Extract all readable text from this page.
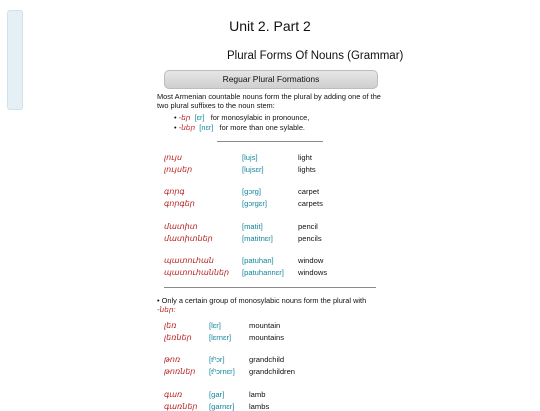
Unit 2. Part 2
Plural Forms Of Nouns (Grammar)
Reguar Plural Formations
Most Armenian countable nouns form the plural by adding one of the two plural suffixes to the noun stem:
• -եր [ɛr] for monosylabic in pronounce,
• -ներ [nɛr] for more than one sylable.
լույս	[lujs]	light
լույսեր	[lujsɛr]	lights
գորգ	[gɔrg]	carpet
գորգեր	[gɔrgɛr]	carpets
մատիտ	[matit]	pencil
մատիտներ	[matitnɛr]	pencils
պատուհան	[patuhan]	window
պատուհաններ [patuhannɛr] windows
• Only a certain group of monosylabic nouns form the plural with
-ներ:
լեռ	[lɛr]	mountain
լեռներ [lɛrnɛr] mountains
թոռ	[tʰɔr]	grandchild
թոռներ [tʰɔrnɛr] grandchildren
գառ	[gar]	lamb
գառներ [garnɛr] lambs
